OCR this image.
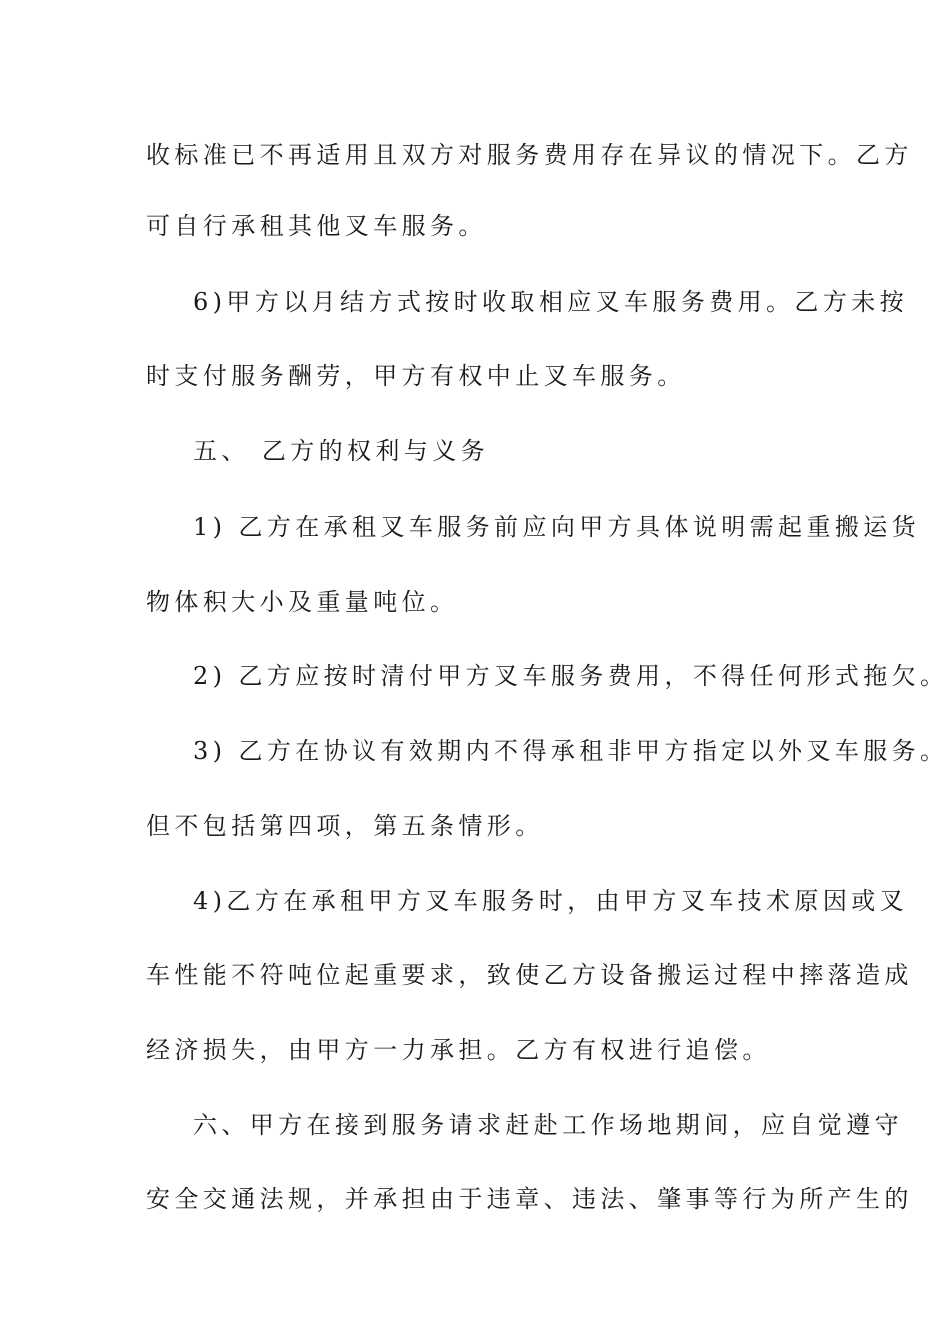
收标准已不再适用且双方对服务费用存在异议的情况下。乙方
可自行承租其他叉车服务。
6)甲方以月结方式按时收取相应叉车服务费用。乙方未按
时支付服务酬劳，甲方有权中止叉车服务。
五、 乙方的权利与义务
1) 乙方在承租叉车服务前应向甲方具体说明需起重搬运货
物体积大小及重量吨位。
2) 乙方应按时清付甲方叉车服务费用，不得任何形式拖欠。
3) 乙方在协议有效期内不得承租非甲方指定以外叉车服务。
但不包括第四项，第五条情形。
4)乙方在承租甲方叉车服务时，由甲方叉车技术原因或叉
车性能不符吨位起重要求，致使乙方设备搬运过程中摔落造成
经济损失，由甲方一力承担。乙方有权进行追偿。
六、甲方在接到服务请求赶赴工作场地期间，应自觉遵守
安全交通法规，并承担由于违章、违法、肇事等行为所产生的
